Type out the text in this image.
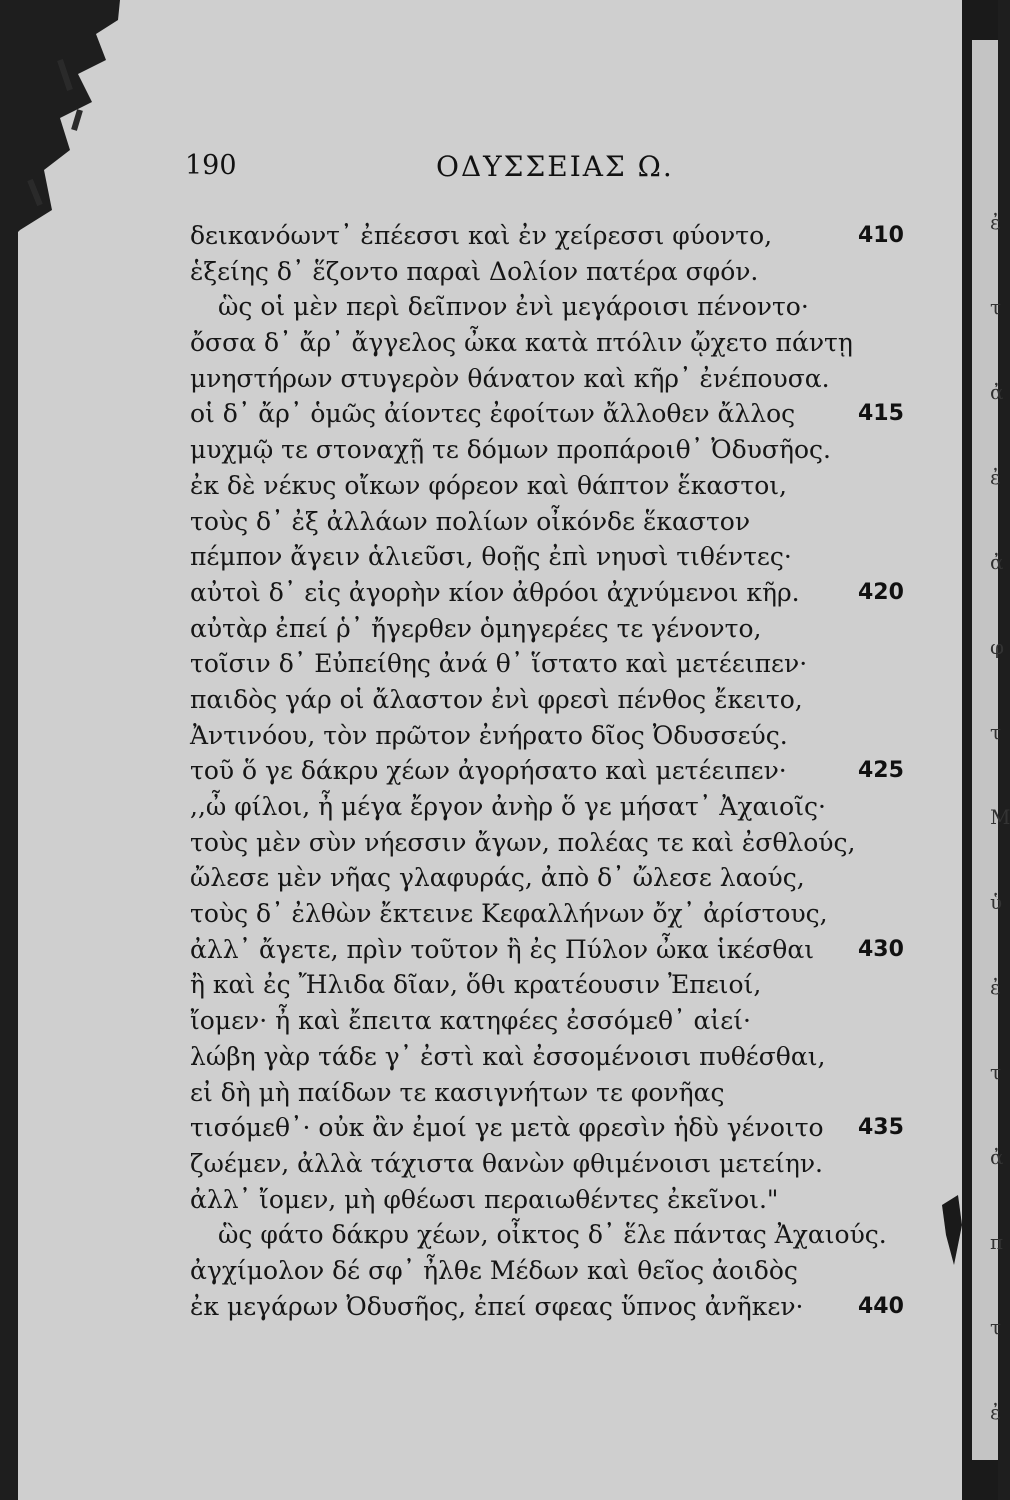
ἐ
τ
ἀ
ἐ
ἀ
φ
τ
Μ
ὑ
ἐ
τ
ἀ
π
τ
ἐ
190	ΟΔΥΣΣΕΙΑΣ Ω.
δεικανόωντ᾽ ἐπέεσσι καὶ ἐν χείρεσσι φύοντο,	410
ἑξείης δ᾽ ἕζοντο παραὶ Δολίον πατέρα σφόν.
ὣς οἱ μὲν περὶ δεῖπνον ἐνὶ μεγάροισι πένοντο·
ὄσσα δ᾽ ἄρ᾽ ἄγγελος ὦκα κατὰ πτόλιν ᾤχετο πάντῃ
μνηστήρων στυγερὸν θάνατον καὶ κῆρ᾽ ἐνέπουσα.
οἱ δ᾽ ἄρ᾽ ὁμῶς ἀίοντες ἐφοίτων ἄλλοθεν ἄλλος	415
μυχμῷ τε στοναχῇ τε δόμων προπάροιθ᾽ Ὀδυσῆος.
ἐκ δὲ νέκυς οἴκων φόρεον καὶ θάπτον ἕκαστοι,
τοὺς δ᾽ ἐξ ἀλλάων πολίων οἶκόνδε ἕκαστον
πέμπον ἄγειν ἁλιεῦσι, θοῇς ἐπὶ νηυσὶ τιθέντες·
αὐτοὶ δ᾽ εἰς ἀγορὴν κίον ἀθρόοι ἀχνύμενοι κῆρ.	420
αὐτὰρ ἐπεί ῥ᾽ ἤγερθεν ὁμηγερέες τε γένοντο,
τοῖσιν δ᾽ Εὐπείθης ἀνά θ᾽ ἵστατο καὶ μετέειπεν·
παιδὸς γάρ οἱ ἄλαστον ἐνὶ φρεσὶ πένθος ἔκειτο,
Ἀντινόου, τὸν πρῶτον ἐνήρατο δῖος Ὀδυσσεύς.
τοῦ ὅ γε δάκρυ χέων ἀγορήσατο καὶ μετέειπεν·	425
,,ὦ φίλοι, ἦ μέγα ἔργον ἀνὴρ ὅ γε μήσατ᾽ Ἀχαιοῖς·
τοὺς μὲν σὺν νήεσσιν ἄγων, πολέας τε καὶ ἐσθλούς,
ὤλεσε μὲν νῆας γλαφυράς, ἀπὸ δ᾽ ὤλεσε λαούς,
τοὺς δ᾽ ἐλθὼν ἔκτεινε Κεφαλλήνων ὄχ᾽ ἀρίστους,
ἀλλ᾽ ἄγετε, πρὶν τοῦτον ἢ ἐς Πύλον ὦκα ἱκέσθαι 430
ἢ καὶ ἐς Ἤλιδα δῖαν, ὅθι κρατέουσιν Ἐπειοί,
ἴομεν· ἦ καὶ ἔπειτα κατηφέες ἐσσόμεθ᾽ αἰεί·
λώβη γὰρ τάδε γ᾽ ἐστὶ καὶ ἐσσομένοισι πυθέσθαι,
εἰ δὴ μὴ παίδων τε κασιγνήτων τε φονῆας
τισόμεθ᾽· οὐκ ἂν ἐμοί γε μετὰ φρεσὶν ἡδὺ γένοιτο 435
ζωέμεν, ἀλλὰ τάχιστα θανὼν φθιμένοισι μετείην.
ἀλλ᾽ ἴομεν, μὴ φθέωσι περαιωθέντες ἐκεῖνοι."
ὣς φάτο δάκρυ χέων, οἶκτος δ᾽ ἕλε πάντας Ἀχαιούς.
ἀγχίμολον δέ σφ᾽ ἦλθε Μέδων καὶ θεῖος ἀοιδὸς
ἐκ μεγάρων Ὀδυσῆος, ἐπεί σφεας ὕπνος ἀνῆκεν· 440
